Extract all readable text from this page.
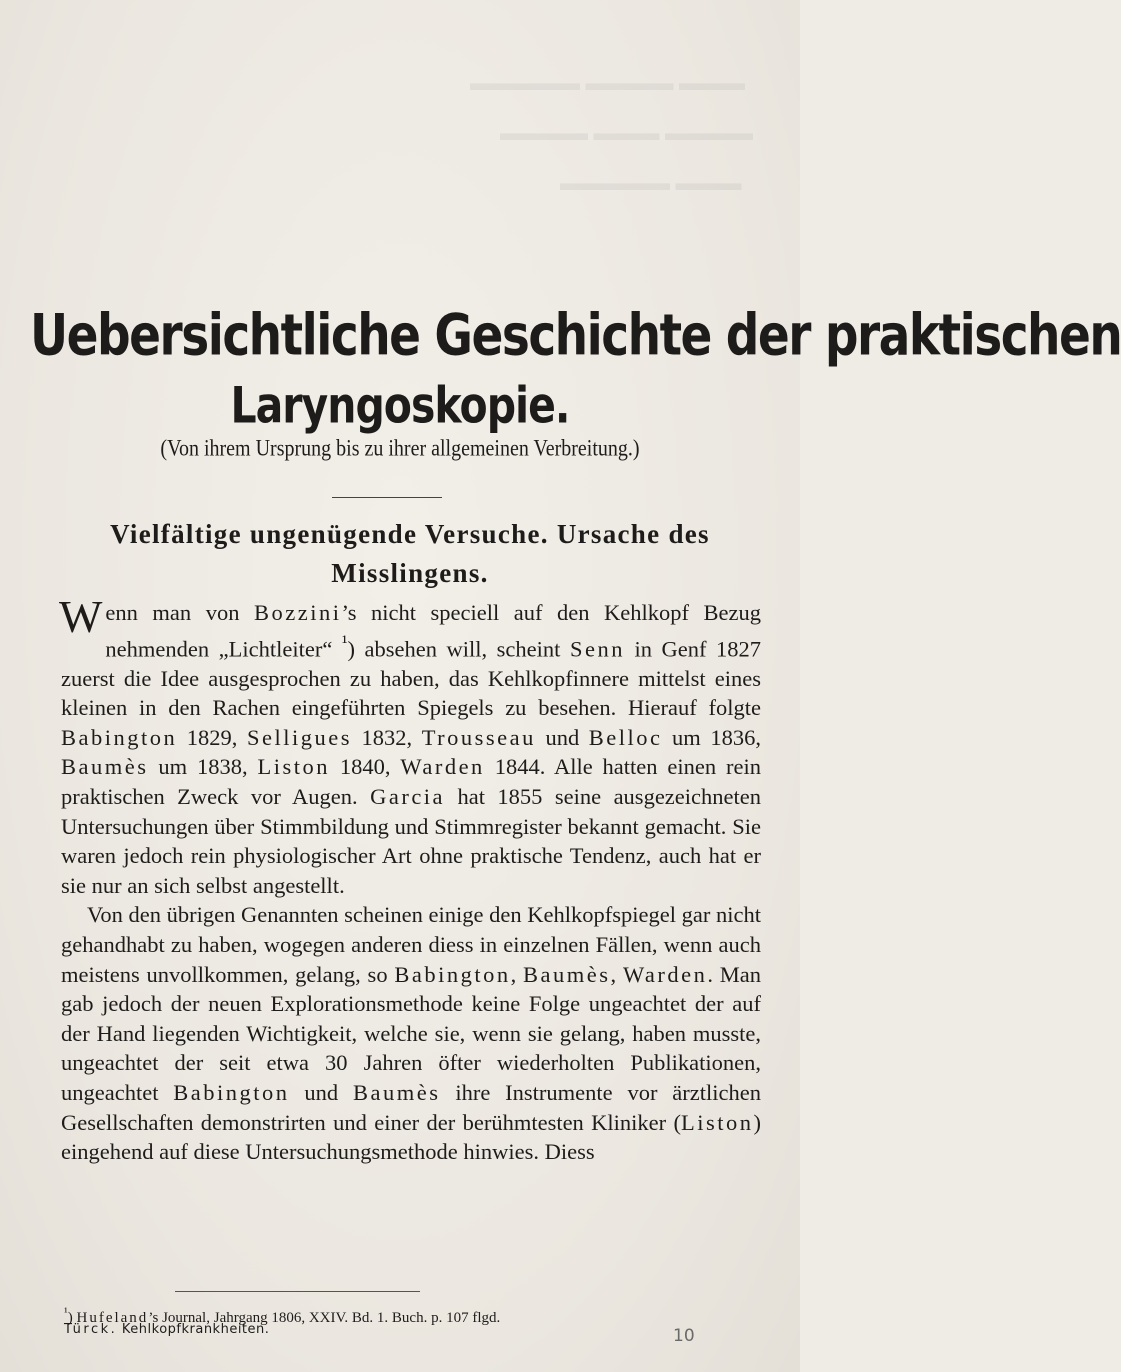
▬▬▬ ▬▬▬▬ ▬▬▬▬▬
▬▬▬▬ ▬▬▬ ▬▬▬▬
▬▬▬ ▬▬▬▬▬
Uebersichtliche Geschichte der praktischen
Laryngoskopie.
(Von ihrem Ursprung bis zu ihrer allgemeinen Verbreitung.)
Vielfältige ungenügende Versuche. Ursache des Misslingens.

Wenn man von Bozzini’s nicht speciell auf den Kehlkopf Bezug nehmenden „Lichtleiter“ $^{^1}$) absehen will, scheint Senn in Genf 1827 zuerst die Idee ausgesprochen zu haben, das Kehlkopfinnere mittelst eines kleinen in den Rachen eingeführten Spiegels zu besehen. Hierauf folgte Babington 1829, Selligues 1832, Trousseau und Belloc um 1836, Baumès um 1838, Liston 1840, Warden 1844. Alle hatten einen rein praktischen Zweck vor Augen. Garcia hat 1855 seine ausgezeichneten Untersuchungen über Stimmbildung und Stimmregister bekannt gemacht. Sie waren jedoch rein physiologischer Art ohne praktische Tendenz, auch hat er sie nur an sich selbst angestellt.

Von den übrigen Genannten scheinen einige den Kehlkopfspiegel gar nicht gehandhabt zu haben, wogegen anderen diess in einzelnen Fällen, wenn auch meistens unvollkommen, gelang, so Babington, Baumès, Warden. Man gab jedoch der neuen Explorationsmethode keine Folge ungeachtet der auf der Hand liegenden Wichtigkeit, welche sie, wenn sie gelang, haben musste, ungeachtet der seit etwa 30 Jahren öfter wiederholten Publikationen, ungeachtet Babington und Baumès ihre Instrumente vor ärztlichen Gesellschaften demonstrirten und einer der berühmtesten Kliniker (Liston) eingehend auf diese Untersuchungsmethode hinwies. Diess

$^{^1}$) Hufeland’s Journal, Jahrgang 1806, XXIV. Bd. 1. Buch. p. 107 flgd.
Türck. Kehlkopfkrankheiten.	10
